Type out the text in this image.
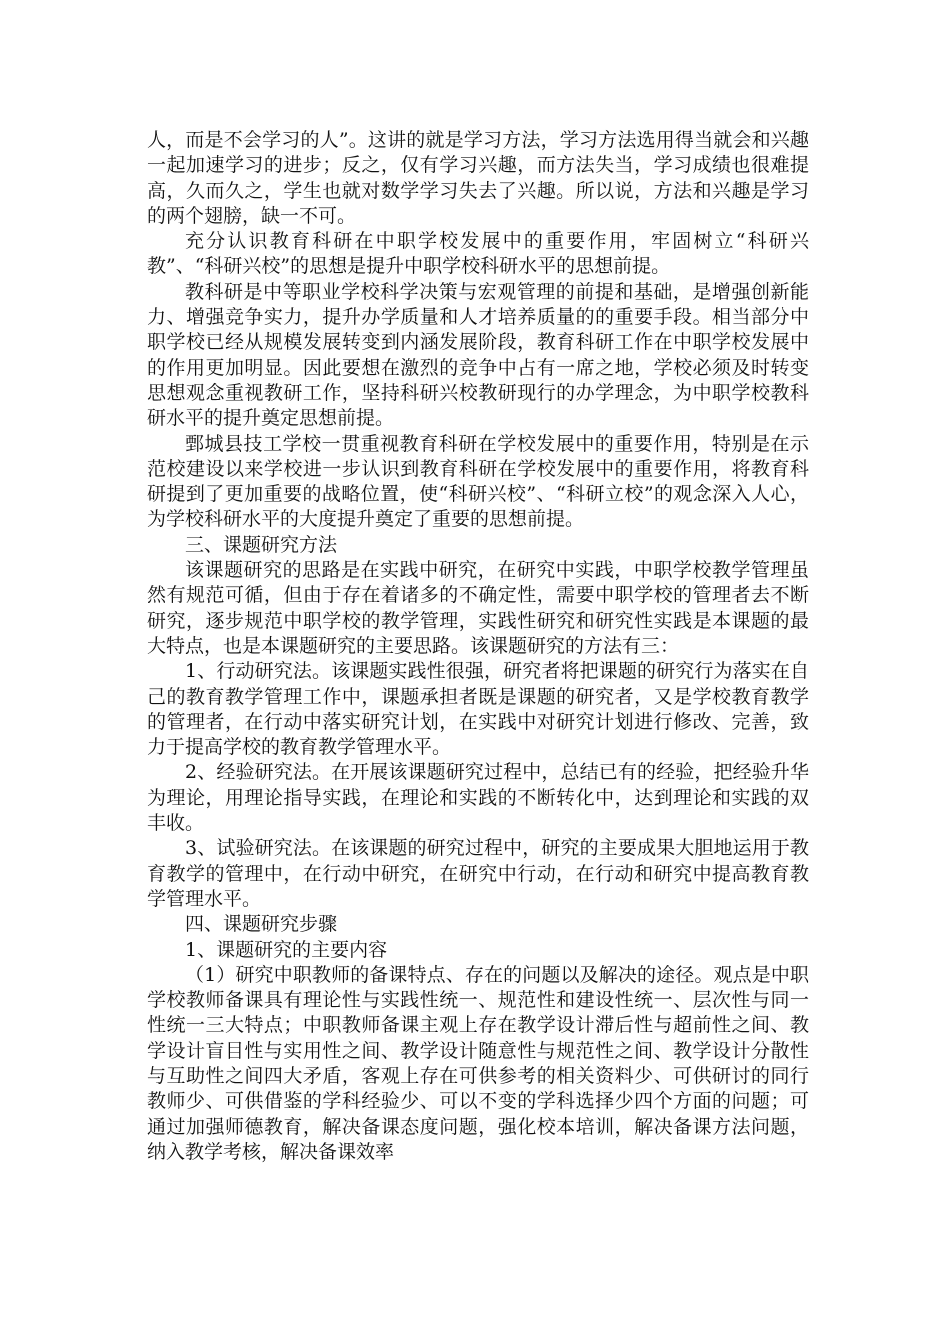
人，而是不会学习的人”。这讲的就是学习方法，学习方法选用得当就会和兴趣一起加速学习的进步；反之，仅有学习兴趣，而方法失当，学习成绩也很难提高，久而久之，学生也就对数学学习失去了兴趣。所以说，方法和兴趣是学习的两个翅膀，缺一不可。

充分认识教育科研在中职学校发展中的重要作用，牢固树立“科研兴教”、“科研兴校”的思想是提升中职学校科研水平的思想前提。

教科研是中等职业学校科学决策与宏观管理的前提和基础，是增强创新能力、增强竞争实力，提升办学质量和人才培养质量的的重要手段。相当部分中职学校已经从规模发展转变到内涵发展阶段，教育科研工作在中职学校发展中的作用更加明显。因此要想在激烈的竞争中占有一席之地，学校必须及时转变思想观念重视教研工作，坚持科研兴校教研现行的办学理念，为中职学校教科研水平的提升奠定思想前提。

鄄城县技工学校一贯重视教育科研在学校发展中的重要作用，特别是在示范校建设以来学校进一步认识到教育科研在学校发展中的重要作用，将教育科研提到了更加重要的战略位置，使“科研兴校”、“科研立校”的观念深入人心，为学校科研水平的大度提升奠定了重要的思想前提。

三、课题研究方法

该课题研究的思路是在实践中研究，在研究中实践，中职学校教学管理虽然有规范可循，但由于存在着诸多的不确定性，需要中职学校的管理者去不断研究，逐步规范中职学校的教学管理，实践性研究和研究性实践是本课题的最大特点，也是本课题研究的主要思路。该课题研究的方法有三：

1、行动研究法。该课题实践性很强，研究者将把课题的研究行为落实在自己的教育教学管理工作中，课题承担者既是课题的研究者，又是学校教育教学的管理者，在行动中落实研究计划，在实践中对研究计划进行修改、完善，致力于提高学校的教育教学管理水平。

2、经验研究法。在开展该课题研究过程中，总结已有的经验，把经验升华为理论，用理论指导实践，在理论和实践的不断转化中，达到理论和实践的双丰收。

3、试验研究法。在该课题的研究过程中，研究的主要成果大胆地运用于教育教学的管理中，在行动中研究，在研究中行动，在行动和研究中提高教育教学管理水平。

四、课题研究步骤

1、课题研究的主要内容

（1）研究中职教师的备课特点、存在的问题以及解决的途径。观点是中职学校教师备课具有理论性与实践性统一、规范性和建设性统一、层次性与同一性统一三大特点；中职教师备课主观上存在教学设计滞后性与超前性之间、教学设计盲目性与实用性之间、教学设计随意性与规范性之间、教学设计分散性与互助性之间四大矛盾，客观上存在可供参考的相关资料少、可供研讨的同行教师少、可供借鉴的学科经验少、可以不变的学科选择少四个方面的问题；可通过加强师德教育，解决备课态度问题，强化校本培训，解决备课方法问题，纳入教学考核，解决备课效率
